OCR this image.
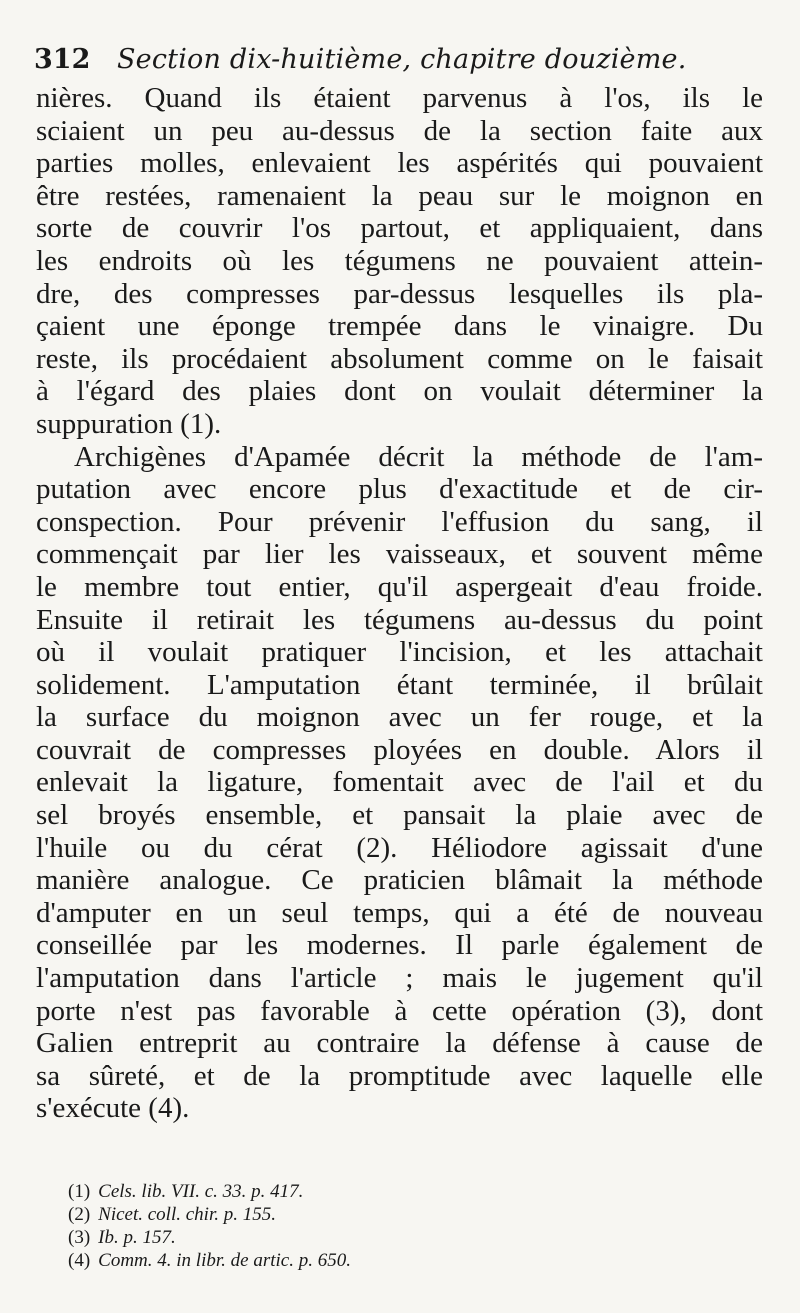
312 Section dix-huitième, chapitre douzième.
nières. Quand ils étaient parvenus à l'os, ils le
sciaient un peu au-dessus de la section faite aux
parties molles, enlevaient les aspérités qui pouvaient
être restées, ramenaient la peau sur le moignon en
sorte de couvrir l'os partout, et appliquaient, dans
les endroits où les tégumens ne pouvaient attein-
dre, des compresses par-dessus lesquelles ils pla-
çaient une éponge trempée dans le vinaigre. Du
reste, ils procédaient absolument comme on le faisait
à l'égard des plaies dont on voulait déterminer la
suppuration (1).
Archigènes d'Apamée décrit la méthode de l'am-
putation avec encore plus d'exactitude et de cir-
conspection. Pour prévenir l'effusion du sang, il
commençait par lier les vaisseaux, et souvent même
le membre tout entier, qu'il aspergeait d'eau froide.
Ensuite il retirait les tégumens au-dessus du point
où il voulait pratiquer l'incision, et les attachait
solidement. L'amputation étant terminée, il brûlait
la surface du moignon avec un fer rouge, et la
couvrait de compresses ployées en double. Alors il
enlevait la ligature, fomentait avec de l'ail et du
sel broyés ensemble, et pansait la plaie avec de
l'huile ou du cérat (2). Héliodore agissait d'une
manière analogue. Ce praticien blâmait la méthode
d'amputer en un seul temps, qui a été de nouveau
conseillée par les modernes. Il parle également de
l'amputation dans l'article ; mais le jugement qu'il
porte n'est pas favorable à cette opération (3), dont
Galien entreprit au contraire la défense à cause de
sa sûreté, et de la promptitude avec laquelle elle
s'exécute (4).
(1) Cels. lib. VII. c. 33. p. 417.
(2) Nicet. coll. chir. p. 155.
(3) Ib. p. 157.
(4) Comm. 4. in libr. de artic. p. 650.
